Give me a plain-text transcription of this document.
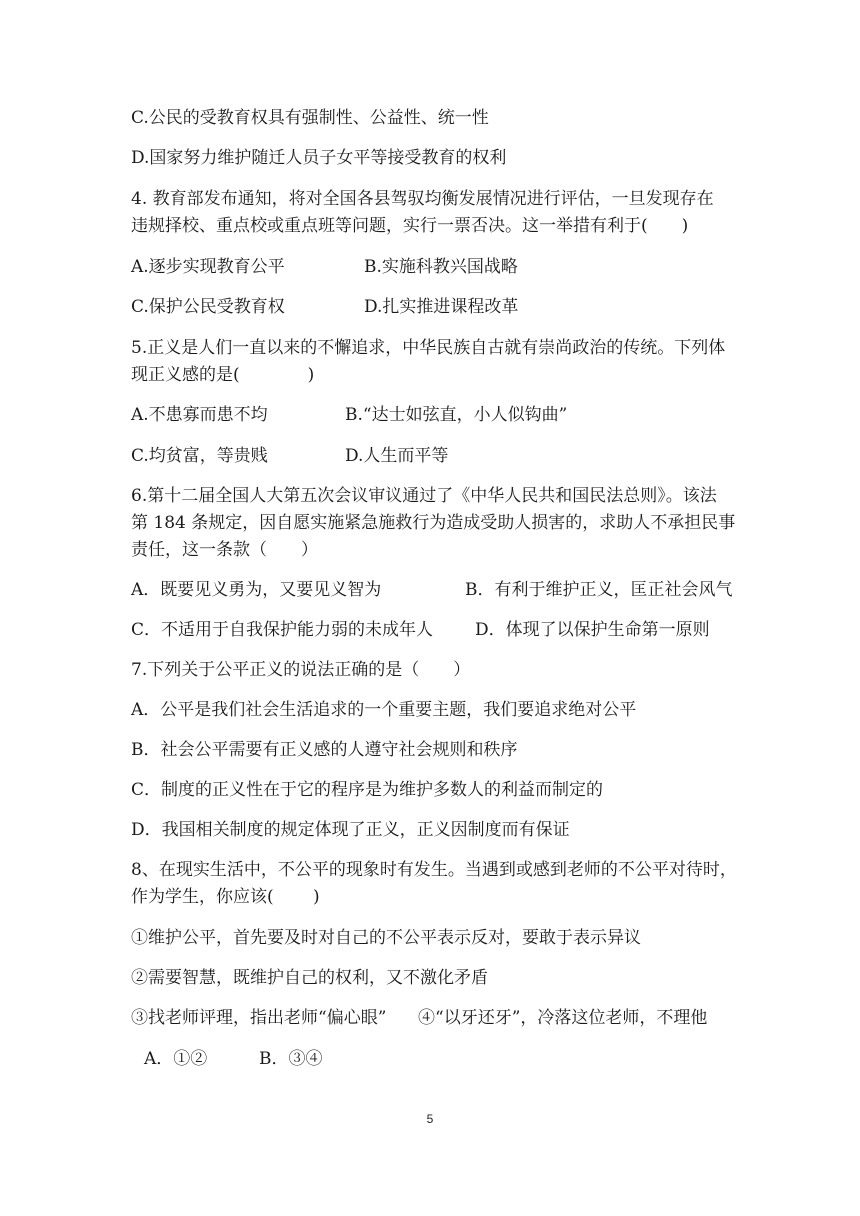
C.公民的受教育权具有强制性、公益性、统一性
D.国家努力维护随迁人员子女平等接受教育的权利
4. 教育部发布通知，将对全国各县驾驭均衡发展情况进行评估，一旦发现存在
违规择校、重点校或重点班等问题，实行一票否决。这一举措有利于(　　)
A.逐步实现教育公平	B.实施科教兴国战略
C.保护公民受教育权	D.扎实推进课程改革
5.正义是人们一直以来的不懈追求，中华民族自古就有崇尚政治的传统。下列体
现正义感的是(　　　　)
A.不患寡而患不均	B.“达士如弦直，小人似钩曲”
C.均贫富，等贵贱	D.人生而平等
6.第十二届全国人大第五次会议审议通过了《中华人民共和国民法总则》。该法
第 184 条规定，因自愿实施紧急施救行为造成受助人损害的，求助人不承担民事
责任，这一条款（　　）
A．既要见义勇为，又要见义智为	B．有利于维护正义，匡正社会风气
C．不适用于自我保护能力弱的未成年人 D．体现了以保护生命第一原则
7.下列关于公平正义的说法正确的是（　　）
A．公平是我们社会生活追求的一个重要主题，我们要追求绝对公平
B．社会公平需要有正义感的人遵守社会规则和秩序
C．制度的正义性在于它的程序是为维护多数人的利益而制定的
D．我国相关制度的规定体现了正义，正义因制度而有保证
8、在现实生活中，不公平的现象时有发生。当遇到或感到老师的不公平对待时，
作为学生，你应该(　　 )
①维护公平，首先要及时对自己的不公平表示反对，要敢于表示异议
②需要智慧，既维护自己的权利，又不激化矛盾
③找老师评理，指出老师“偏心眼” ④“以牙还牙”，冷落这位老师，不理他
A．①②	B．③④
5
